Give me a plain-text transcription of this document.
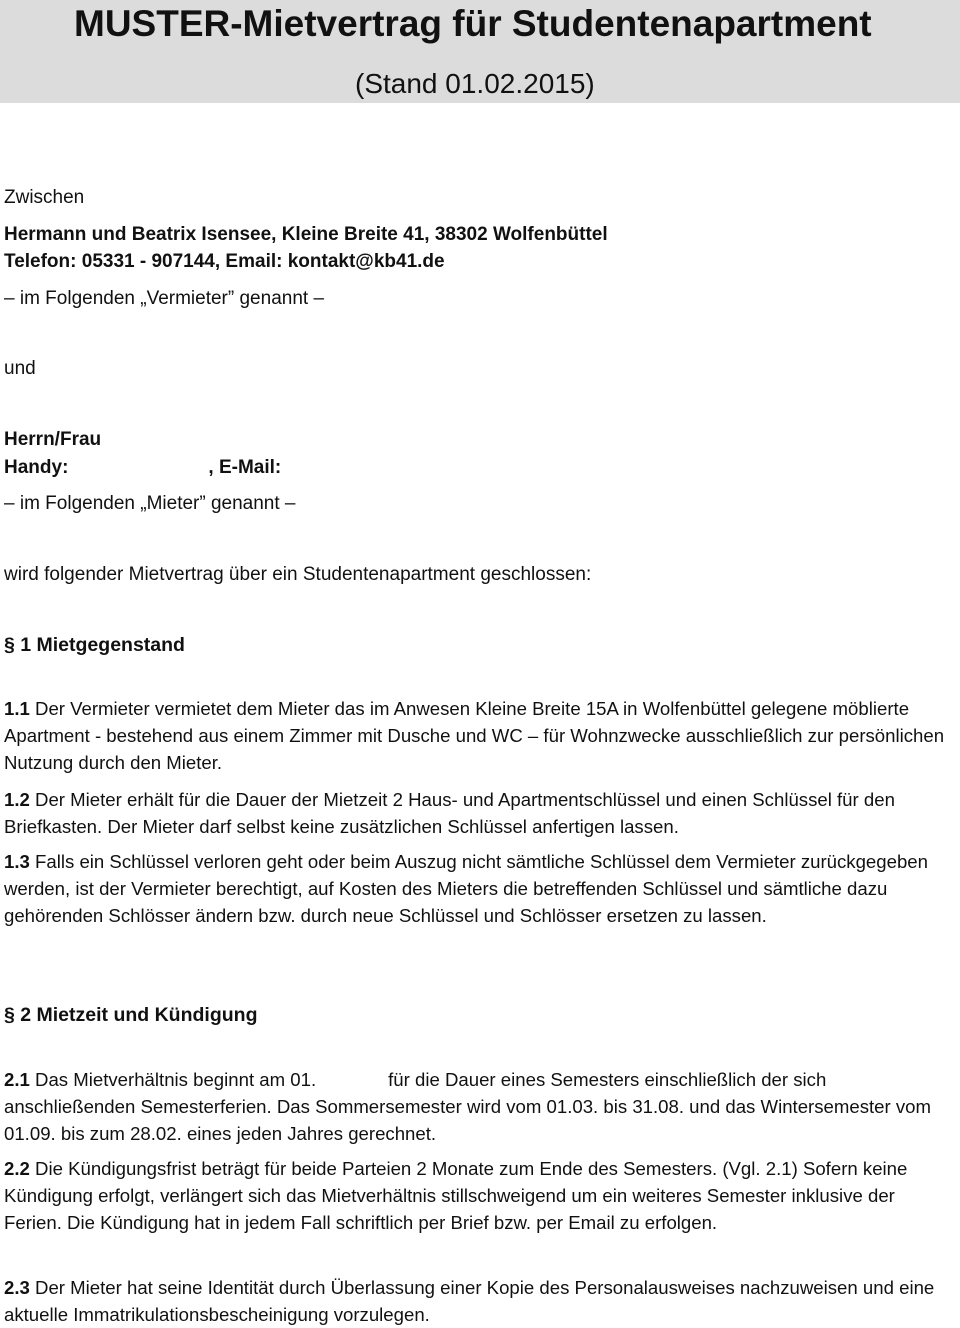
MUSTER-Mietvertrag für Studentenapartment
(Stand 01.02.2015)
Zwischen
Hermann und Beatrix Isensee, Kleine Breite 41, 38302 Wolfenbüttel
Telefon: 05331 - 907144, Email: kontakt@kb41.de
– im Folgenden „Vermieter” genannt –
und
Herrn/Frau
Handy:	, E-Mail:
– im Folgenden „Mieter” genannt –
wird folgender Mietvertrag über ein Studentenapartment geschlossen:
§ 1 Mietgegenstand
1.1 Der Vermieter vermietet dem Mieter das im Anwesen Kleine Breite 15A in Wolfenbüttel gelegene möblierte Apartment - bestehend aus einem Zimmer mit Dusche und WC – für Wohnzwecke ausschließlich zur persönlichen Nutzung durch den Mieter.
1.2 Der Mieter erhält für die Dauer der Mietzeit 2 Haus- und Apartmentschlüssel und einen Schlüssel für den Briefkasten. Der Mieter darf selbst keine zusätzlichen Schlüssel anfertigen lassen.
1.3 Falls ein Schlüssel verloren geht oder beim Auszug nicht sämtliche Schlüssel dem Vermieter zurückgegeben werden, ist der Vermieter berechtigt, auf Kosten des Mieters die betreffenden Schlüssel und sämtliche dazu gehörenden Schlösser ändern bzw. durch neue Schlüssel und Schlösser ersetzen zu lassen.
§ 2 Mietzeit und Kündigung
2.1 Das Mietverhältnis beginnt am 01.	für die Dauer eines Semesters einschließlich der sich anschließenden Semesterferien. Das Sommersemester wird vom 01.03. bis 31.08. und das Wintersemester vom 01.09. bis zum 28.02. eines jeden Jahres gerechnet.
2.2 Die Kündigungsfrist beträgt für beide Parteien 2 Monate zum Ende des Semesters. (Vgl. 2.1) Sofern keine Kündigung erfolgt, verlängert sich das Mietverhältnis stillschweigend um ein weiteres Semester inklusive der Ferien. Die Kündigung hat in jedem Fall schriftlich per Brief bzw. per Email zu erfolgen.
2.3 Der Mieter hat seine Identität durch Überlassung einer Kopie des Personalausweises nachzuweisen und eine aktuelle Immatrikulationsbescheinigung vorzulegen.
